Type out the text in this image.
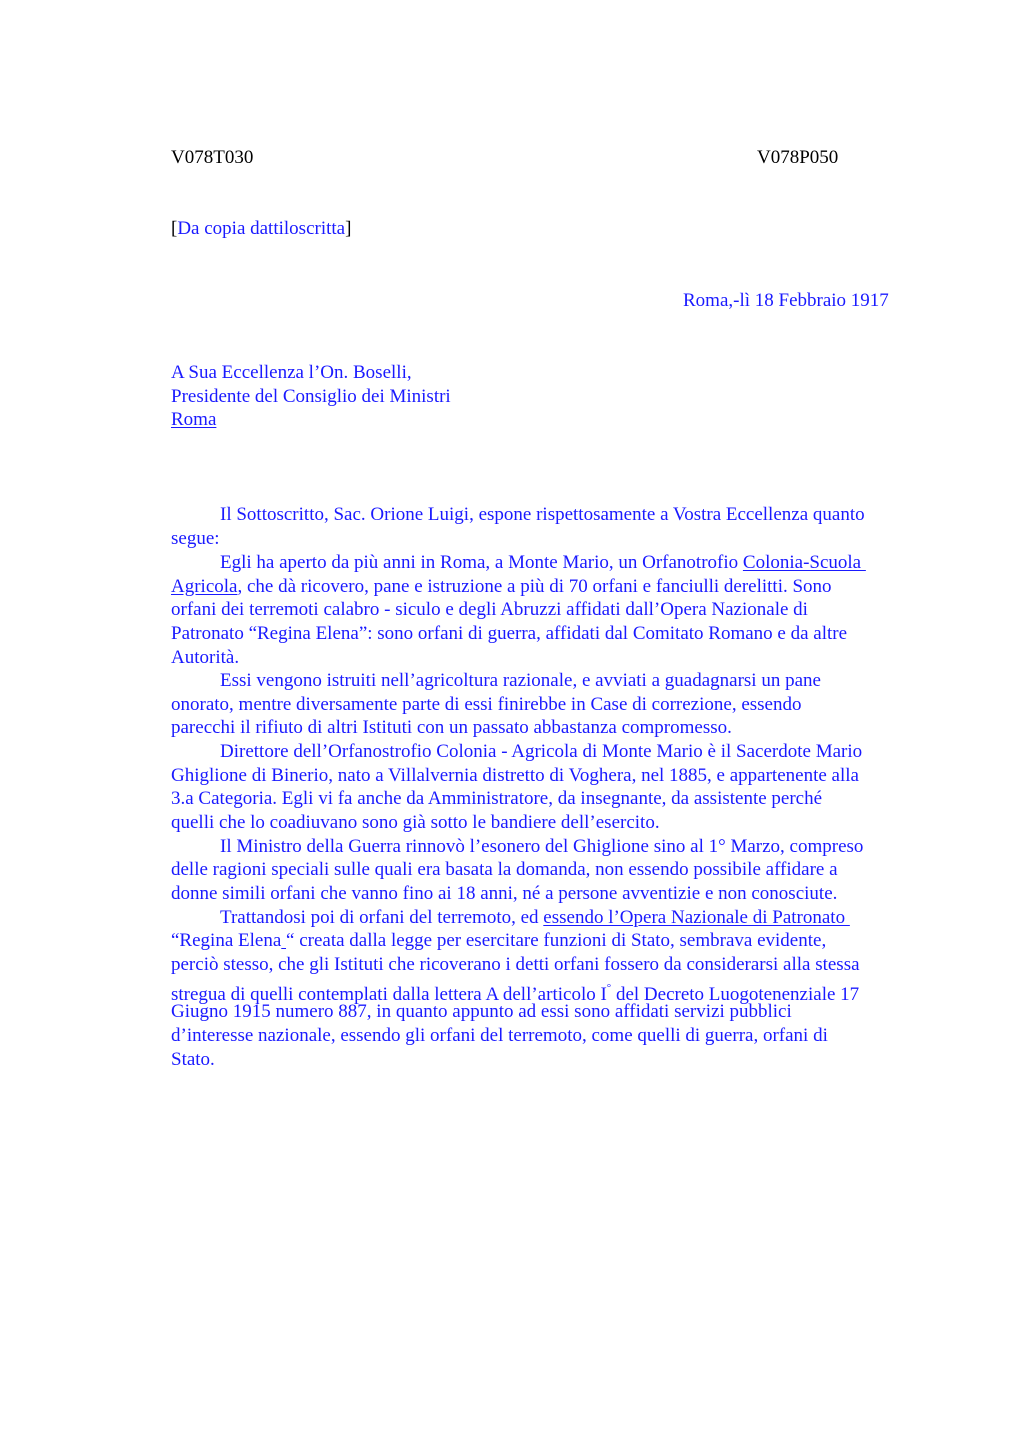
V078T030	V078P050
[Da copia dattiloscritta]
Roma,-lì 18 Febbraio 1917
A Sua Eccellenza l’On. Boselli,
Presidente del Consiglio dei Ministri
Roma
Il Sottoscritto, Sac. Orione Luigi, espone rispettosamente a Vostra Eccellenza quanto
segue:
Egli ha aperto da più anni in Roma, a Monte Mario, un Orfanotrofio Colonia-Scuola
Agricola, che dà ricovero, pane e istruzione a più di 70 orfani e fanciulli derelitti. Sono
orfani dei terremoti calabro - siculo e degli Abruzzi affidati dall’Opera Nazionale di
Patronato “Regina Elena”: sono orfani di guerra, affidati dal Comitato Romano e da altre
Autorità.
Essi vengono istruiti nell’agricoltura razionale, e avviati a guadagnarsi un pane
onorato, mentre diversamente parte di essi finirebbe in Case di correzione, essendo
parecchi il rifiuto di altri Istituti con un passato abbastanza compromesso.
Direttore dell’Orfanostrofio Colonia - Agricola di Monte Mario è il Sacerdote Mario
Ghiglione di Binerio, nato a Villalvernia distretto di Voghera, nel 1885, e appartenente alla
3.a Categoria. Egli vi fa anche da Amministratore, da insegnante, da assistente perché
quelli che lo coadiuvano sono già sotto le bandiere dell’esercito.
Il Ministro della Guerra rinnovò l’esonero del Ghiglione sino al 1° Marzo, compreso
delle ragioni speciali sulle quali era basata la domanda, non essendo possibile affidare a
donne simili orfani che vanno fino ai 18 anni, né a persone avventizie e non conosciute.
Trattandosi poi di orfani del terremoto, ed essendo l’Opera Nazionale di Patronato
“Regina Elena “ creata dalla legge per esercitare funzioni di Stato, sembrava evidente,
perciò stesso, che gli Istituti che ricoverano i detti orfani fossero da considerarsi alla stessa
stregua di quelli contemplati dalla lettera A dell’articolo I° del Decreto Luogotenenziale 17
Giugno 1915 numero 887, in quanto appunto ad essi sono affidati servizi pubblici
d’interesse nazionale, essendo gli orfani del terremoto, come quelli di guerra, orfani di
Stato.
